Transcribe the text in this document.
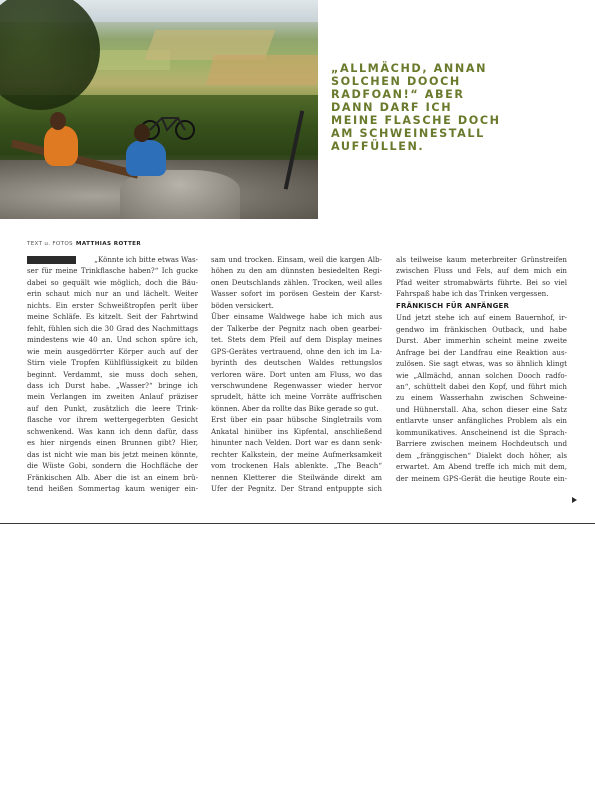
„ALLMÄCHD, ANNAN
SOLCHEN DOOCH
RADFOAN!“ ABER
DANN DARF ICH
MEINE FLASCHE DOCH
AM SCHWEINESTALL
AUFFÜLLEN.
TEXT u. FOTOS MATTHIAS ROTTER
„Könnte ich bitte etwas Was-
ser für meine Trinkflasche haben?“ Ich gucke
dabei so gequält wie möglich, doch die Bäu-
erin schaut mich nur an und lächelt. Weiter
nichts. Ein erster Schweißtropfen perlt über
meine Schläfe. Es kitzelt. Seit der Fahrtwind
fehlt, fühlen sich die 30 Grad des Nachmittags
mindestens wie 40 an. Und schon spüre ich,
wie mein ausgedörrter Körper auch auf der
Stirn viele Tropfen Kühlflüssigkeit zu bilden
beginnt. Verdammt, sie muss doch sehen,
dass ich Durst habe. „Wasser?“ bringe ich
mein Verlangen im zweiten Anlauf präziser
auf den Punkt, zusätzlich die leere Trink-
flasche vor ihrem wettergegerbten Gesicht
schwenkend. Was kann ich denn dafür, dass
es hier nirgends einen Brunnen gibt? Hier,
das ist nicht wie man bis jetzt meinen könnte,
die Wüste Gobi, sondern die Hochfläche der
Fränkischen Alb. Aber die ist an einem brü-
tend heißen Sommertag kaum weniger ein-
sam und trocken. Einsam, weil die kargen Alb-
höhen zu den am dünnsten besiedelten Regi-
onen Deutschlands zählen. Trocken, weil alles
Wasser sofort im porösen Gestein der Karst-
böden versickert.
Über einsame Waldwege habe ich mich aus
der Talkerbe der Pegnitz nach oben gearbei-
tet. Stets dem Pfeil auf dem Display meines
GPS-Gerätes vertrauend, ohne den ich im La-
byrinth des deutschen Waldes rettungslos
verloren wäre. Dort unten am Fluss, wo das
verschwundene Regenwasser wieder hervor
sprudelt, hätte ich meine Vorräte auffrischen
können. Aber da rollte das Bike gerade so gut.
Erst über ein paar hübsche Singletrails vom
Ankatal hinüber ins Kipfental, anschließend
hinunter nach Velden. Dort war es dann senk-
rechter Kalkstein, der meine Aufmerksamkeit
vom trockenen Hals ablenkte. „The Beach“
nennen Kletterer die Steilwände direkt am
Ufer der Pegnitz. Der Strand entpuppte sich
als teilweise kaum meterbreiter Grünstreifen
zwischen Fluss und Fels, auf dem mich ein
Pfad weiter stromabwärts führte. Bei so viel
Fahrspaß habe ich das Trinken vergessen.
FRÄNKISCH FÜR ANFÄNGER
Und jetzt stehe ich auf einem Bauernhof, ir-
gendwo im fränkischen Outback, und habe
Durst. Aber immerhin scheint meine zweite
Anfrage bei der Landfrau eine Reaktion aus-
zulösen. Sie sagt etwas, was so ähnlich klingt
wie „Allmächd, annan solchen Dooch radfo-
an“, schüttelt dabei den Kopf, und führt mich
zu einem Wasserhahn zwischen Schweine-
und Hühnerstall. Aha, schon dieser eine Satz
entlarvte unser anfängliches Problem als ein
kommunikatives. Anscheinend ist die Sprach-
Barriere zwischen meinem Hochdeutsch und
dem „fränggischen“ Dialekt doch höher, als
erwartet. Am Abend treffe ich mich mit dem,
der meinem GPS-Gerät die heutige Route ein-
